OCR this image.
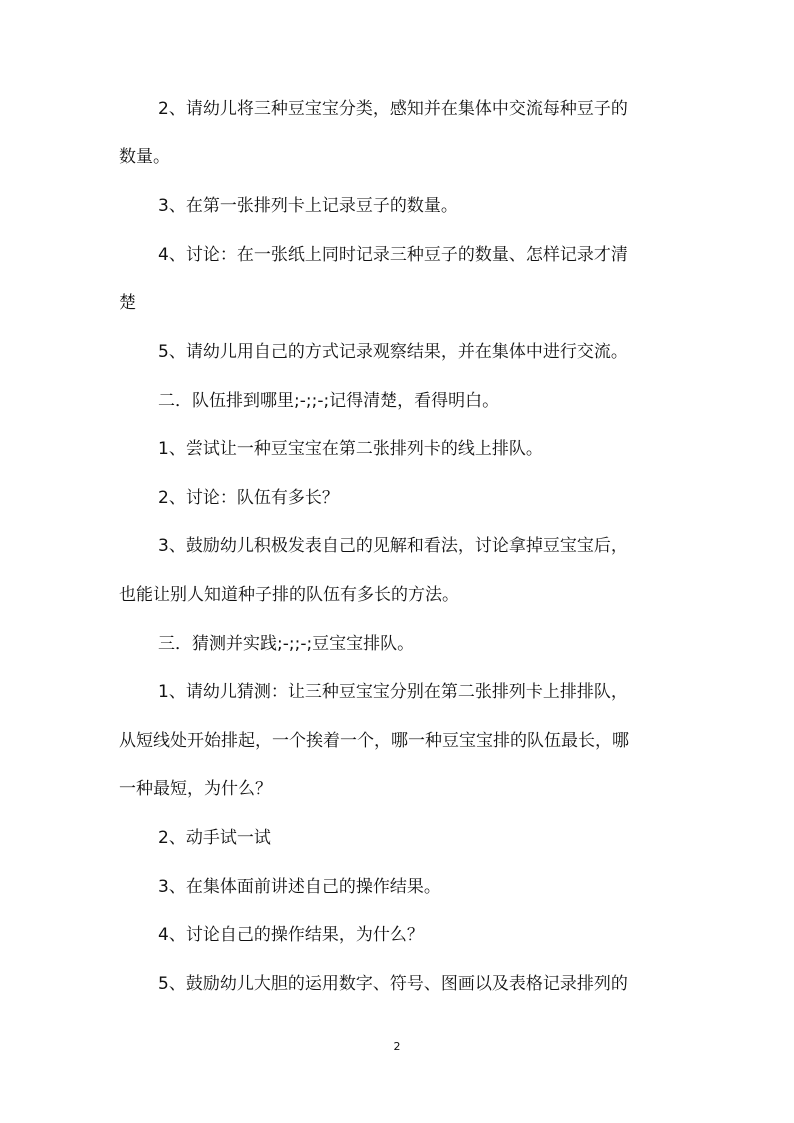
2、请幼儿将三种豆宝宝分类，感知并在集体中交流每种豆子的
数量。
3、在第一张排列卡上记录豆子的数量。
4、讨论：在一张纸上同时记录三种豆子的数量、怎样记录才清
楚
5、请幼儿用自己的方式记录观察结果，并在集体中进行交流。
二．队伍排到哪里;-;;-;记得清楚，看得明白。
1、尝试让一种豆宝宝在第二张排列卡的线上排队。
2、讨论：队伍有多长？
3、鼓励幼儿积极发表自己的见解和看法，讨论拿掉豆宝宝后，
也能让别人知道种子排的队伍有多长的方法。
三．猜测并实践;-;;-;豆宝宝排队。
1、请幼儿猜测：让三种豆宝宝分别在第二张排列卡上排排队，
从短线处开始排起，一个挨着一个，哪一种豆宝宝排的队伍最长，哪
一种最短，为什么？
2、动手试一试
3、在集体面前讲述自己的操作结果。
4、讨论自己的操作结果，为什么？
5、鼓励幼儿大胆的运用数字、符号、图画以及表格记录排列的
2
